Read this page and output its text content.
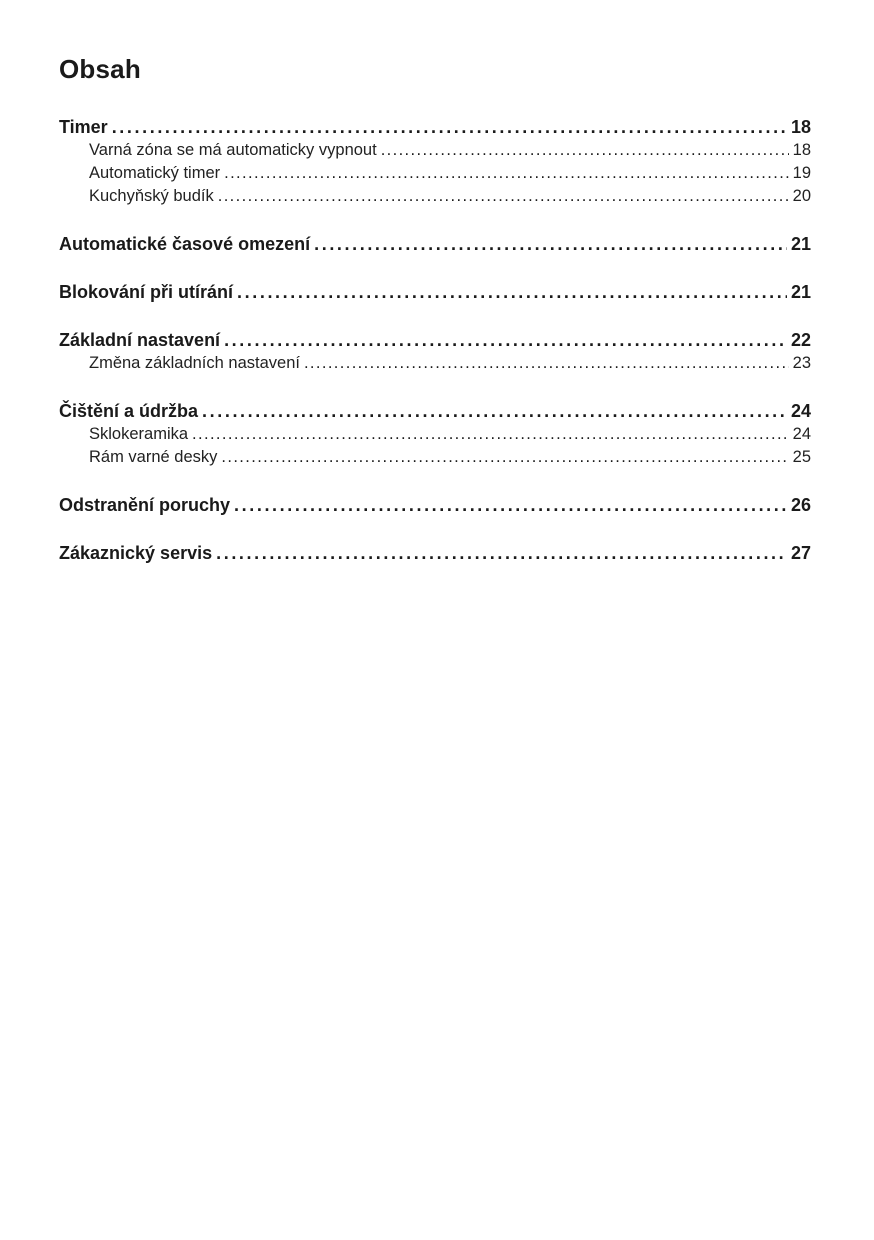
Obsah
Timer . . .	18
Varná zóna se má automaticky vypnout . . .	18
Automatický timer . . .	19
Kuchyňský budík . . .	20
Automatické časové omezení . . .	21
Blokování při utírání . . .	21
Základní nastavení . . .	22
Změna základních nastavení . . .	23
Čištění a údržba . . .	24
Sklokeramika . . .	24
Rám varné desky . . .	25
Odstranění poruchy . . .	26
Zákaznický servis . . .	27
